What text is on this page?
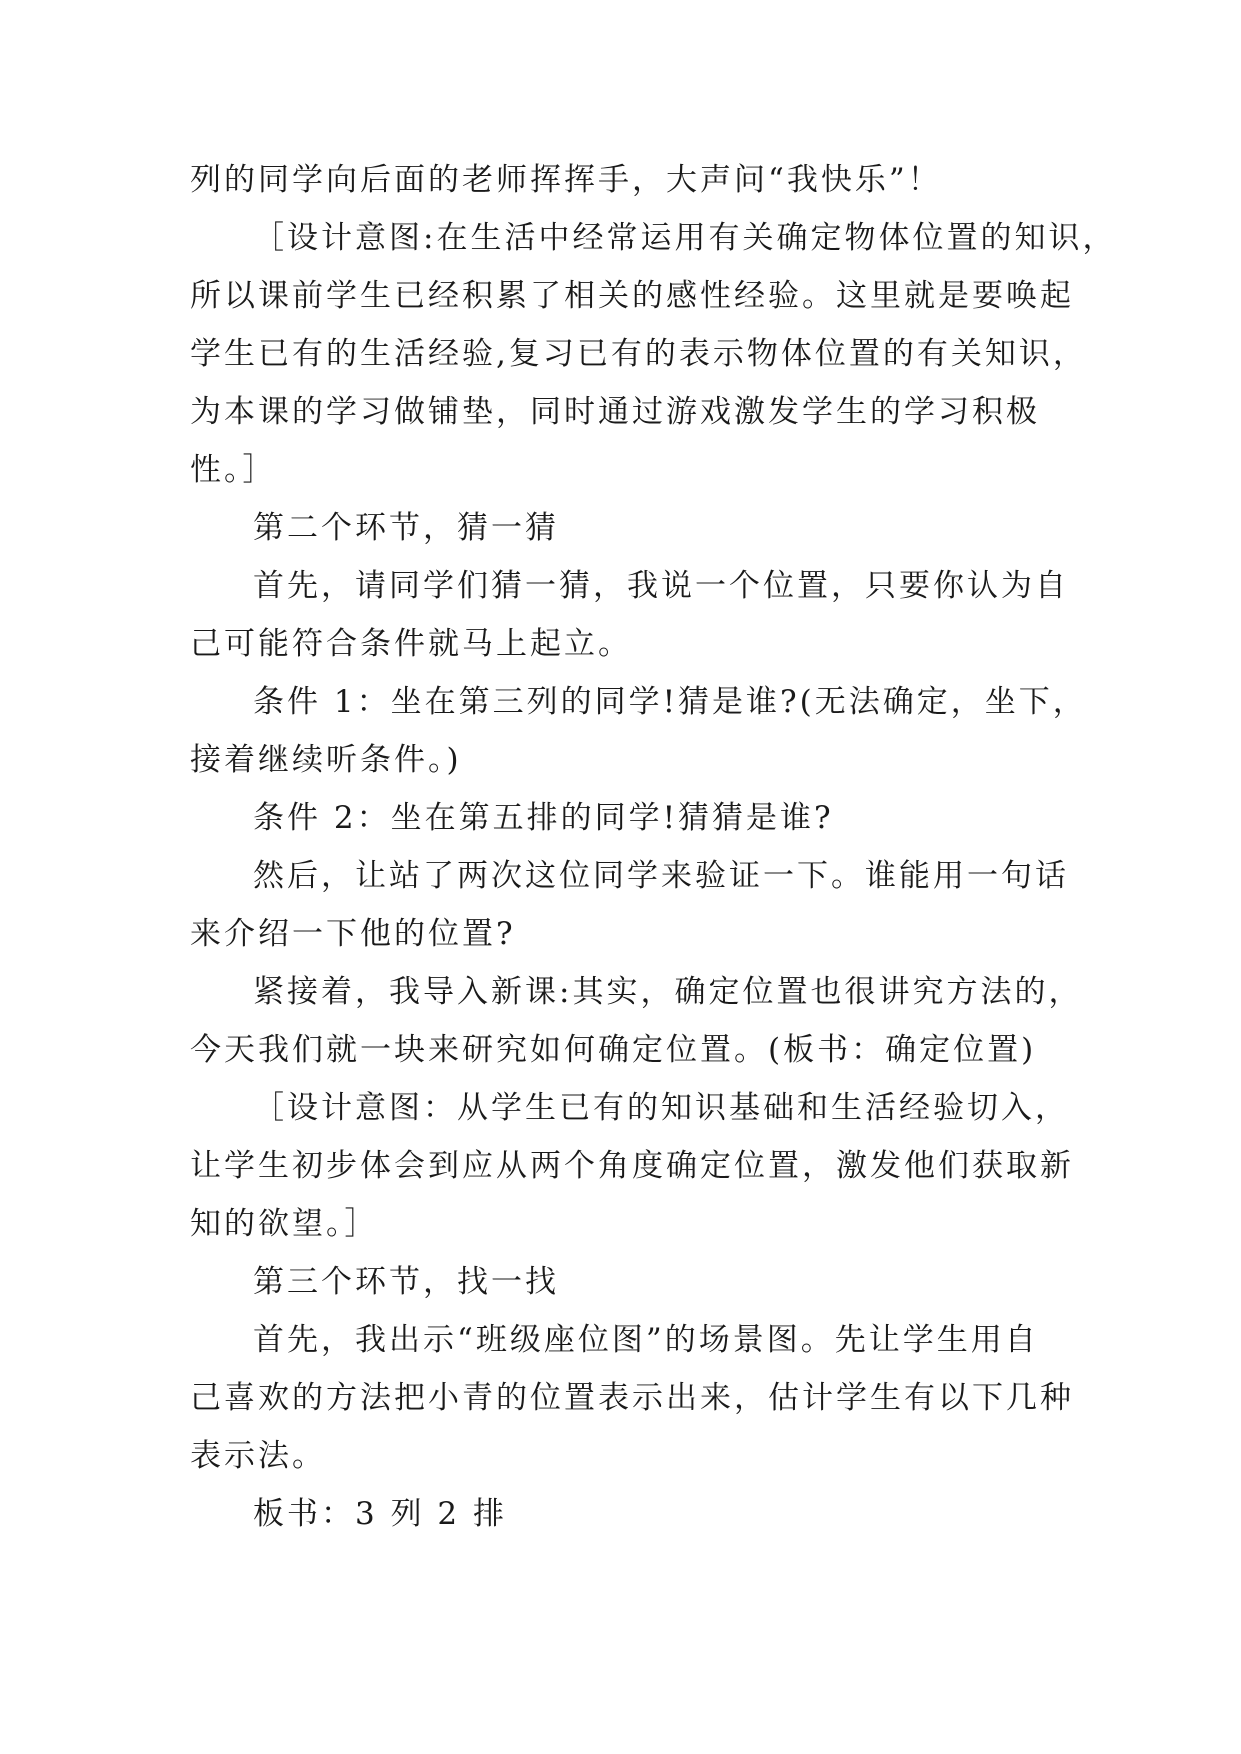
列的同学向后面的老师挥挥手，大声问“我快乐”！
［设计意图:在生活中经常运用有关确定物体位置的知识，
所以课前学生已经积累了相关的感性经验。这里就是要唤起
学生已有的生活经验,复习已有的表示物体位置的有关知识，
为本课的学习做铺垫，同时通过游戏激发学生的学习积极
性。］
第二个环节，猜一猜
首先，请同学们猜一猜，我说一个位置，只要你认为自
己可能符合条件就马上起立。
条件 1：坐在第三列的同学!猜是谁?(无法确定，坐下，
接着继续听条件。)
条件 2：坐在第五排的同学!猜猜是谁?
然后，让站了两次这位同学来验证一下。谁能用一句话
来介绍一下他的位置?
紧接着，我导入新课:其实，确定位置也很讲究方法的，
今天我们就一块来研究如何确定位置。(板书：确定位置)
［设计意图：从学生已有的知识基础和生活经验切入，
让学生初步体会到应从两个角度确定位置，激发他们获取新
知的欲望。］
第三个环节，找一找
首先，我出示“班级座位图”的场景图。先让学生用自
己喜欢的方法把小青的位置表示出来，估计学生有以下几种
表示法。
板书：3 列 2 排
